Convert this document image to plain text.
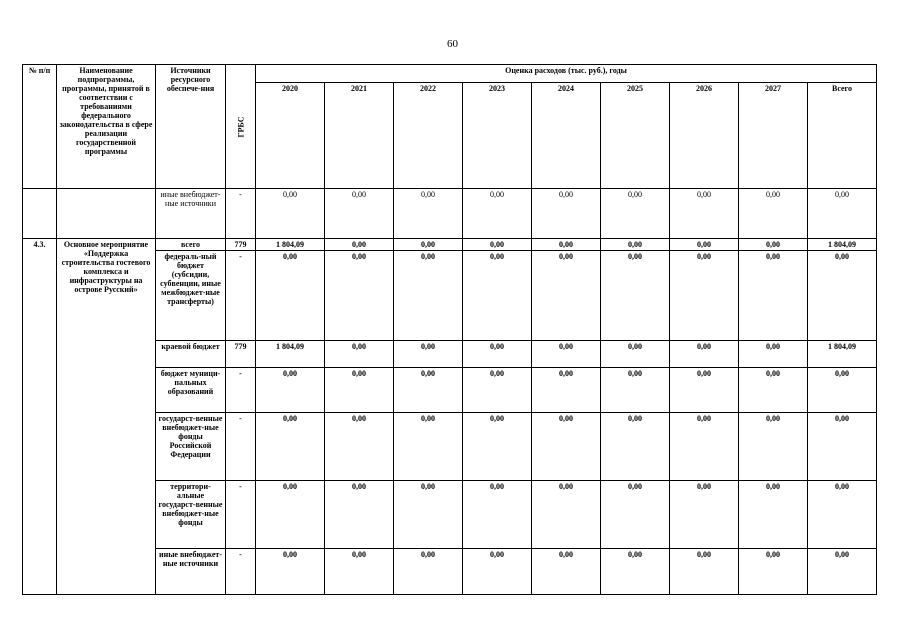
60
№ п/п	Наименование подпрограммы, программы, принятой в соответствии с требованиями федерального законодательства в сфере реализации государственной программы	Источники ресурсного обеспече-ния	ГРБС	Оценка расходов (тыс. руб.), годы								
				2020	2021	2022	2023	2024	2025	2026	2027	Всего
		иные внебюджет-ные источники	-	0,00	0,00	0,00	0,00	0,00	0,00	0,00	0,00	0,00
4.3.	Основное мероприятие «Поддержка строительства гостевого комплекса и инфраструктуры на острове Русский»	всего	779	1 804,09	0,00	0,00	0,00	0,00	0,00	0,00	0,00	1 804,09
		федераль-ный бюджет (субсидии, субвенции, иные межбюджет-ные трансферты)	-	0,00	0,00	0,00	0,00	0,00	0,00	0,00	0,00	0,00
		краевой бюджет	779	1 804,09	0,00	0,00	0,00	0,00	0,00	0,00	0,00	1 804,09
		бюджет муници-пальных образований	-	0,00	0,00	0,00	0,00	0,00	0,00	0,00	0,00	0,00
		государст-венные внебюджет-ные фонды Российской Федерации	-	0,00	0,00	0,00	0,00	0,00	0,00	0,00	0,00	0,00
		территори-альные государст-венные внебюджет-ные фонды	-	0,00	0,00	0,00	0,00	0,00	0,00	0,00	0,00	0,00
		иные внебюджет-ные источники	-	0,00	0,00	0,00	0,00	0,00	0,00	0,00	0,00	0,00
